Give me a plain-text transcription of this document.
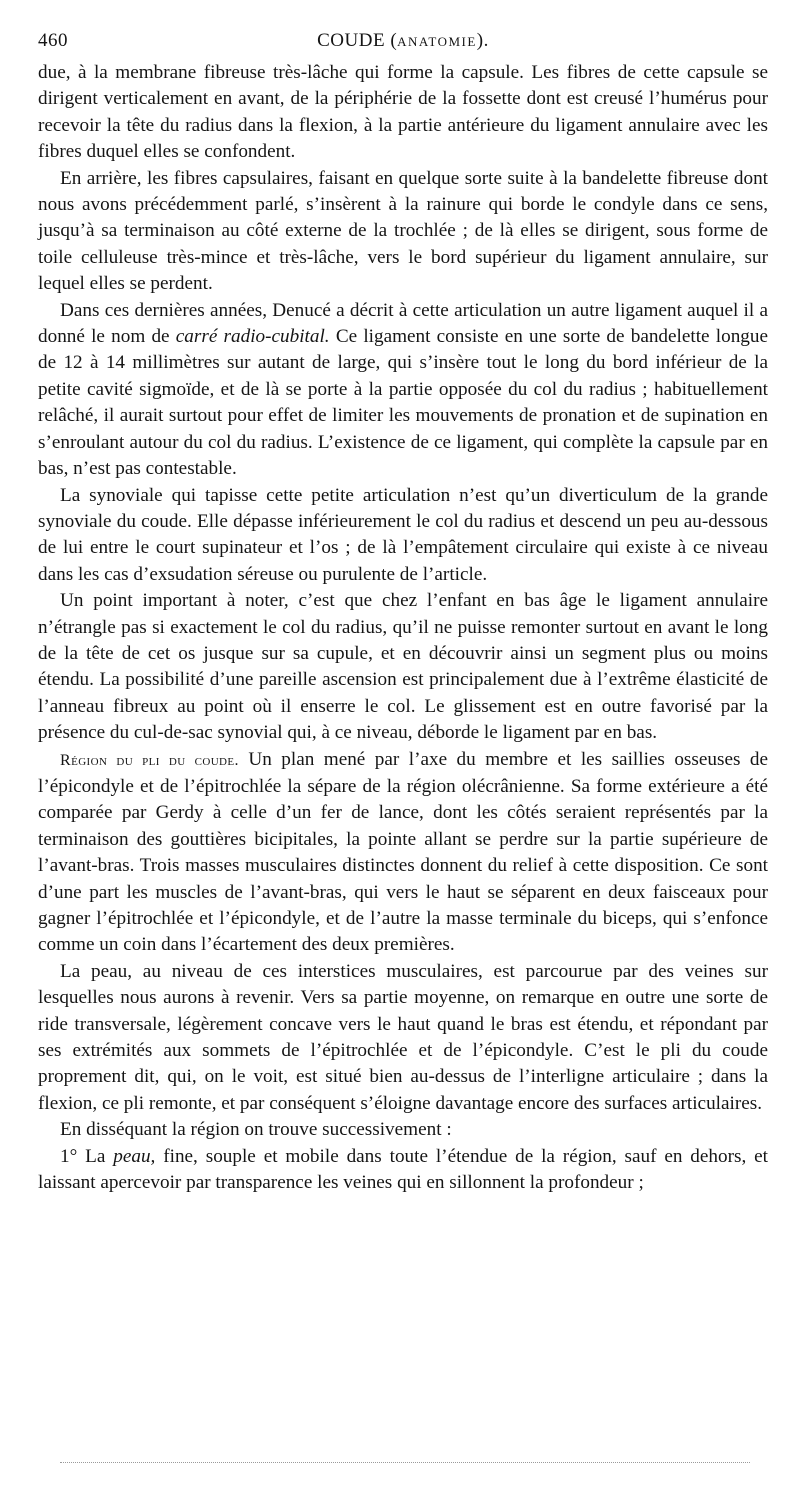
460	COUDE (ANATOMIE).

due, à la membrane fibreuse très-lâche qui forme la capsule. Les fibres de cette capsule se dirigent verticalement en avant, de la périphérie de la fossette dont est creusé l’humérus pour recevoir la tête du radius dans la flexion, à la partie antérieure du ligament annulaire avec les fibres duquel elles se confondent.

En arrière, les fibres capsulaires, faisant en quelque sorte suite à la bandelette fibreuse dont nous avons précédemment parlé, s’insèrent à la rainure qui borde le condyle dans ce sens, jusqu’à sa terminaison au côté externe de la trochlée ; de là elles se dirigent, sous forme de toile celluleuse très-mince et très-lâche, vers le bord supérieur du ligament annulaire, sur lequel elles se perdent.

Dans ces dernières années, Denucé a décrit à cette articulation un autre ligament auquel il a donné le nom de carré radio-cubital. Ce ligament consiste en une sorte de bandelette longue de 12 à 14 millimètres sur autant de large, qui s’insère tout le long du bord inférieur de la petite cavité sigmoïde, et de là se porte à la partie opposée du col du radius ; habituellement relâché, il aurait surtout pour effet de limiter les mouvements de pronation et de supination en s’enroulant autour du col du radius. L’existence de ce ligament, qui complète la capsule par en bas, n’est pas contestable.

La synoviale qui tapisse cette petite articulation n’est qu’un diverticulum de la grande synoviale du coude. Elle dépasse inférieurement le col du radius et descend un peu au-dessous de lui entre le court supinateur et l’os ; de là l’empâtement circulaire qui existe à ce niveau dans les cas d’exsudation séreuse ou purulente de l’article.

Un point important à noter, c’est que chez l’enfant en bas âge le ligament annulaire n’étrangle pas si exactement le col du radius, qu’il ne puisse remonter surtout en avant le long de la tête de cet os jusque sur sa cupule, et en découvrir ainsi un segment plus ou moins étendu. La possibilité d’une pareille ascension est principalement due à l’extrême élasticité de l’anneau fibreux au point où il enserre le col. Le glissement est en outre favorisé par la présence du cul-de-sac synovial qui, à ce niveau, déborde le ligament par en bas.

Région du pli du coude. Un plan mené par l’axe du membre et les saillies osseuses de l’épicondyle et de l’épitrochlée la sépare de la région olécrânienne. Sa forme extérieure a été comparée par Gerdy à celle d’un fer de lance, dont les côtés seraient représentés par la terminaison des gouttières bicipitales, la pointe allant se perdre sur la partie supérieure de l’avant-bras. Trois masses musculaires distinctes donnent du relief à cette disposition. Ce sont d’une part les muscles de l’avant-bras, qui vers le haut se séparent en deux faisceaux pour gagner l’épitrochlée et l’épicondyle, et de l’autre la masse terminale du biceps, qui s’enfonce comme un coin dans l’écartement des deux premières.

La peau, au niveau de ces interstices musculaires, est parcourue par des veines sur lesquelles nous aurons à revenir. Vers sa partie moyenne, on remarque en outre une sorte de ride transversale, légèrement concave vers le haut quand le bras est étendu, et répondant par ses extrémités aux sommets de l’épitrochlée et de l’épicondyle. C’est le pli du coude proprement dit, qui, on le voit, est situé bien au-dessus de l’interligne articulaire ; dans la flexion, ce pli remonte, et par conséquent s’éloigne davantage encore des surfaces articulaires.

En disséquant la région on trouve successivement :

1° La peau, fine, souple et mobile dans toute l’étendue de la région, sauf en dehors, et laissant apercevoir par transparence les veines qui en sillonnent la profondeur ;
